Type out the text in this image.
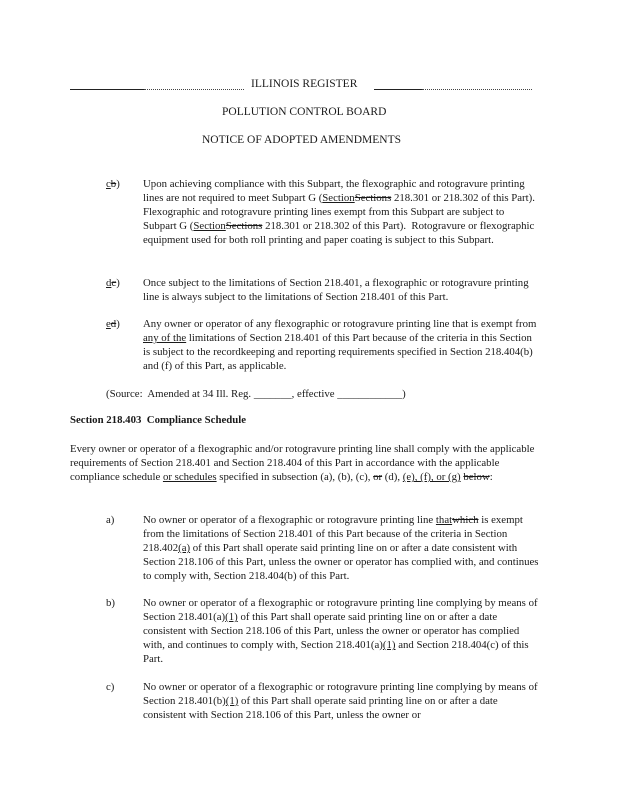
ILLINOIS REGISTER
POLLUTION CONTROL BOARD
NOTICE OF ADOPTED AMENDMENTS
cb) Upon achieving compliance with this Subpart, the flexographic and rotogravure printing lines are not required to meet Subpart G (SectionSections 218.301 or 218.302 of this Part). Flexographic and rotogravure printing lines exempt from this Subpart are subject to Subpart G (SectionSections 218.301 or 218.302 of this Part).  Rotogravure or flexographic equipment used for both roll printing and paper coating is subject to this Subpart.

dc) Once subject to the limitations of Section 218.401, a flexographic or rotogravure printing line is always subject to the limitations of Section 218.401 of this Part.

ed) Any owner or operator of any flexographic or rotogravure printing line that is exempt from any of the limitations of Section 218.401 of this Part because of the criteria in this Section is subject to the recordkeeping and reporting requirements specified in Section 218.404(b) and (f) of this Part, as applicable.

(Source:  Amended at 34 Ill. Reg. _______, effective ____________)

Section 218.403 Compliance Schedule

Every owner or operator of a flexographic and/or rotogravure printing line shall comply with the applicable requirements of Section 218.401 and Section 218.404 of this Part in accordance with the applicable compliance schedule or schedules specified in subsection (a), (b), (c), or (d), (e), (f), or (g) below:

a)	No owner or operator of a flexographic or rotogravure printing line thatwhich is exempt from the limitations of Section 218.401 of this Part because of the criteria in Section 218.402(a) of this Part shall operate said printing line on or after a date consistent with Section 218.106 of this Part, unless the owner or operator has complied with, and continues to comply with, Section 218.404(b) of this Part.

b)	No owner or operator of a flexographic or rotogravure printing line complying by means of Section 218.401(a)(1) of this Part shall operate said printing line on or after a date consistent with Section 218.106 of this Part, unless the owner or operator has complied with, and continues to comply with, Section 218.401(a)(1) and Section 218.404(c) of this Part.

c)	No owner or operator of a flexographic or rotogravure printing line complying by means of Section 218.401(b)(1) of this Part shall operate said printing line on or after a date consistent with Section 218.106 of this Part, unless the owner or
